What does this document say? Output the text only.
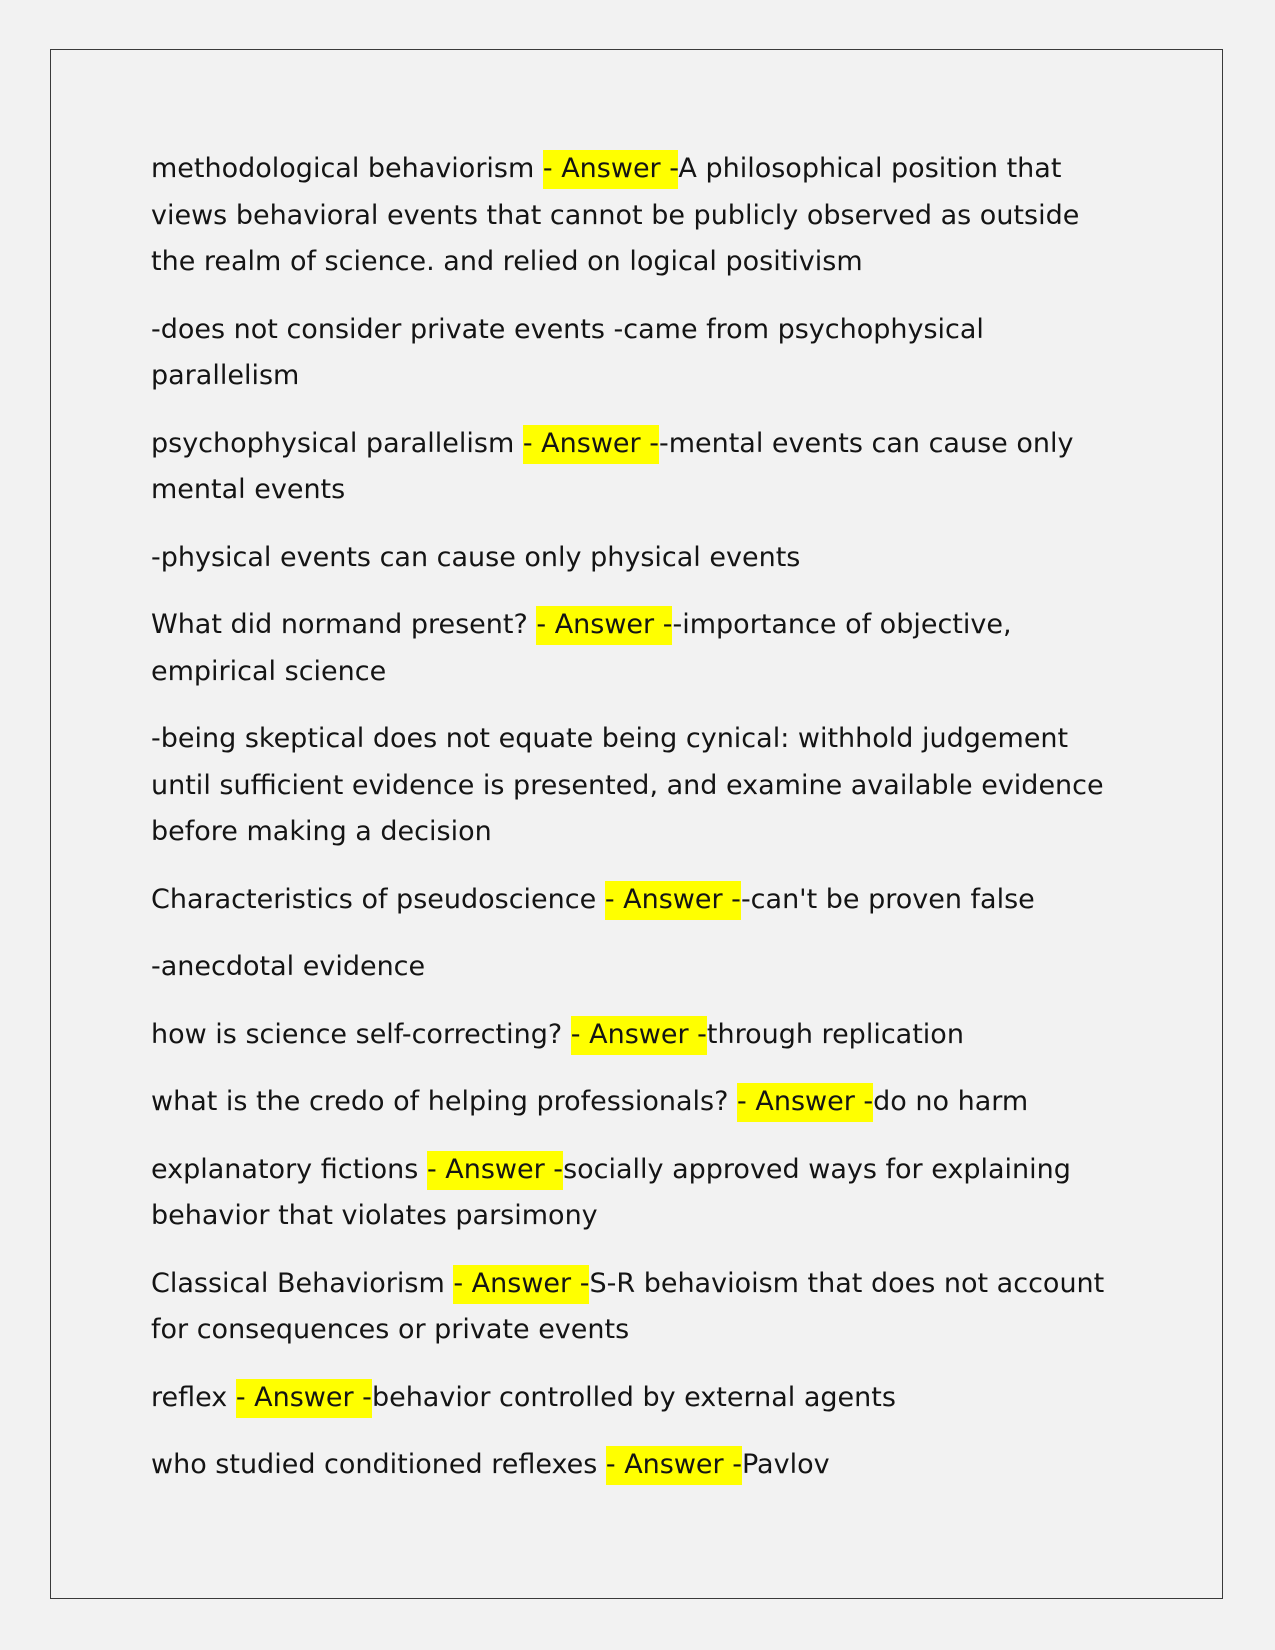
methodological behaviorism - Answer -A philosophical position that views behavioral events that cannot be publicly observed as outside the realm of science. and relied on logical positivism

-does not consider private events -came from psychophysical parallelism

psychophysical parallelism - Answer --mental events can cause only mental events

-physical events can cause only physical events

What did normand present? - Answer --importance of objective, empirical science

-being skeptical does not equate being cynical: withhold judgement until sufficient evidence is presented, and examine available evidence before making a decision

Characteristics of pseudoscience - Answer --can't be proven false

-anecdotal evidence

how is science self-correcting? - Answer -through replication

what is the credo of helping professionals? - Answer -do no harm

explanatory fictions - Answer -socially approved ways for explaining behavior that violates parsimony

Classical Behaviorism - Answer -S-R behavioism that does not account for consequences or private events

reflex - Answer -behavior controlled by external agents

who studied conditioned reflexes - Answer -Pavlov
